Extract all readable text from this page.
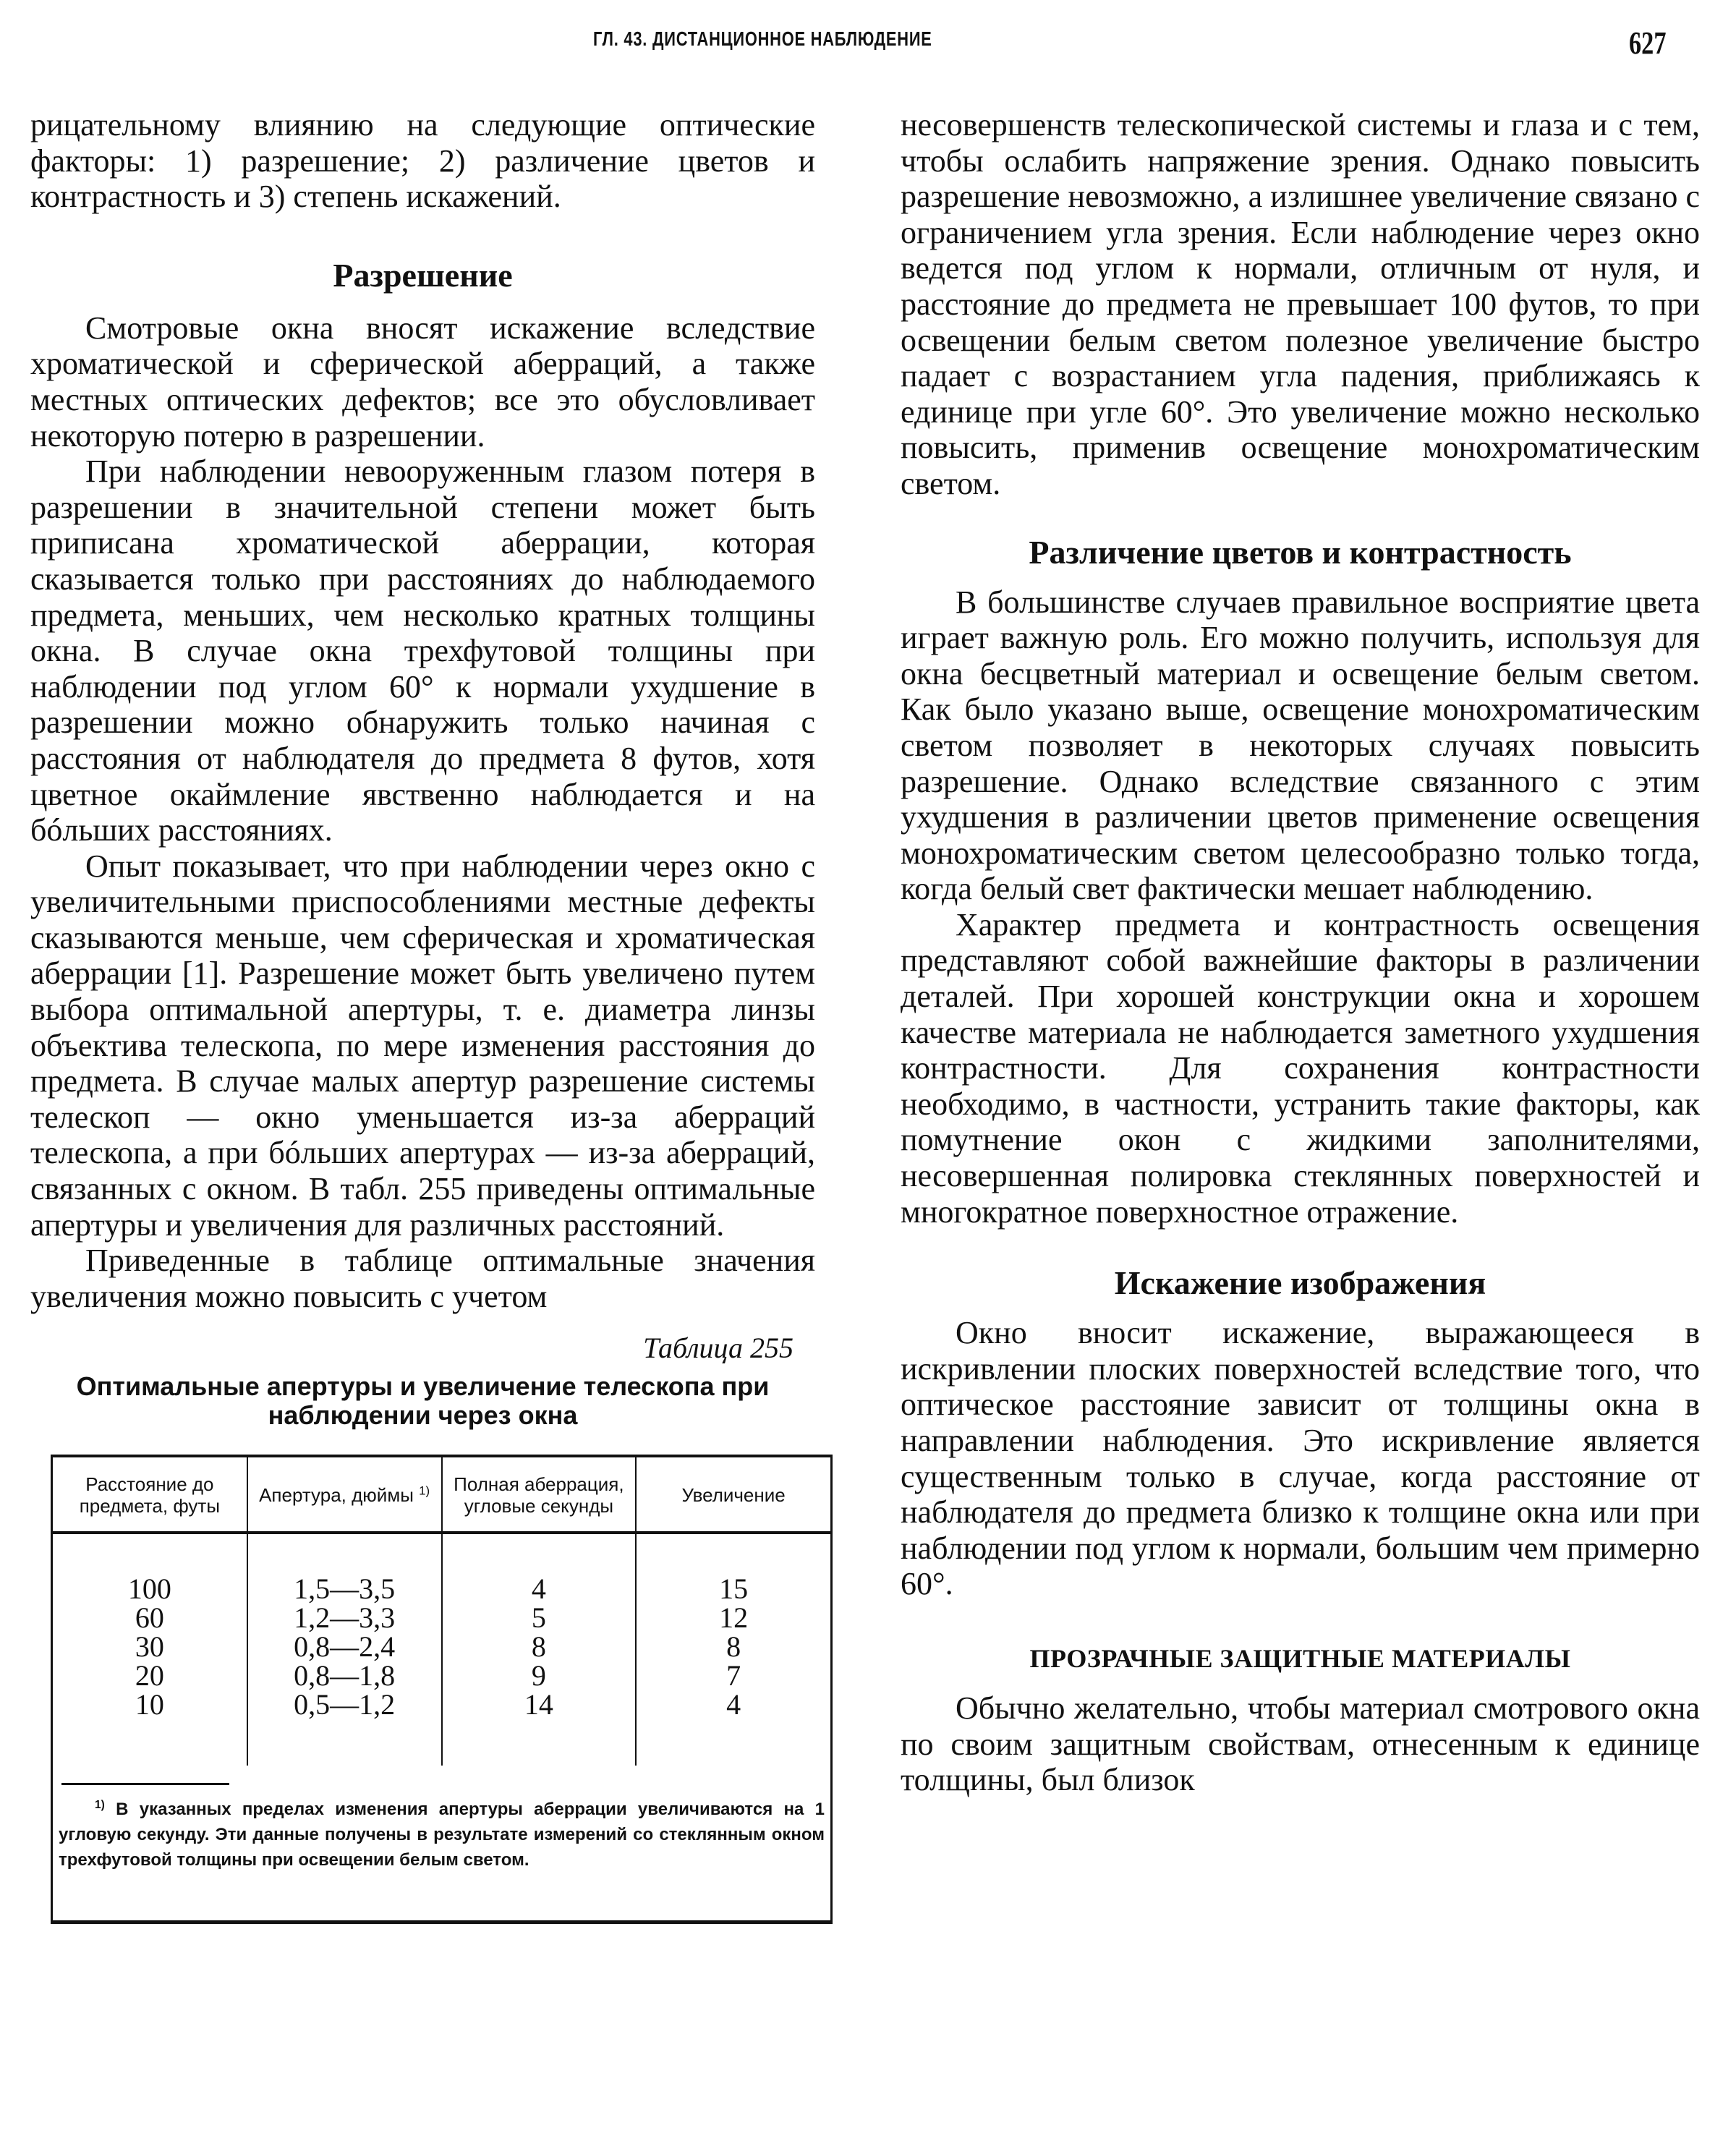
ГЛ. 43. ДИСТАНЦИОННОЕ НАБЛЮДЕНИЕ	627

рицательному влиянию на следующие оптические факторы: 1) разрешение; 2) различение цветов и контрастность и 3) степень искажений.

Разрешение

Смотровые окна вносят искажение вследствие хроматической и сферической аберраций, а также местных оптических дефектов; все это обусловливает некоторую потерю в разрешении.

При наблюдении невооруженным глазом потеря в разрешении в значительной степени может быть приписана хроматической аберрации, которая сказывается только при расстояниях до наблюдаемого предмета, меньших, чем несколько кратных толщины окна. В случае окна трехфутовой толщины при наблюдении под углом 60° к нормали ухудшение в разрешении можно обнаружить только начиная с расстояния от наблюдателя до предмета 8 футов, хотя цветное окаймление явственно наблюдается и на бóльших расстояниях.

Опыт показывает, что при наблюдении через окно с увеличительными приспособлениями местные дефекты сказываются меньше, чем сферическая и хроматическая аберрации [1]. Разрешение может быть увеличено путем выбора оптимальной апертуры, т. е. диаметра линзы объектива телескопа, по мере изменения расстояния до предмета. В случае малых апертур разрешение системы телескоп — окно уменьшается из-за аберраций телескопа, а при бóльших апертурах — из-за аберраций, связанных с окном. В табл. 255 приведены оптимальные апертуры и увеличения для различных расстояний.

Приведенные в таблице оптимальные значения увеличения можно повысить с учетом

Таблица 255

Оптимальные апертуры и увеличение телескопа при наблюдении через окна

Расстояние до предмета, футы	Апертура, дюймы $^{1)}$	Полная аберрация, угловые секунды	Увеличение
100	1,5—3,5	4	15
60	1,2—3,3	5	12
30	0,8—2,4	8	8
20	0,8—1,8	9	7
10	0,5—1,2	14	4

$^{1)}$ В указанных пределах изменения апертуры аберрации увеличиваются на 1 угловую секунду. Эти данные получены в результате измерений со стеклянным окном трехфутовой толщины при освещении белым светом.

несовершенств телескопической системы и глаза и с тем, чтобы ослабить напряжение зрения. Однако повысить разрешение невозможно, а излишнее увеличение связано с ограничением угла зрения. Если наблюдение через окно ведется под углом к нормали, отличным от нуля, и расстояние до предмета не превышает 100 футов, то при освещении белым светом полезное увеличение быстро падает с возрастанием угла падения, приближаясь к единице при угле 60°. Это увеличение можно несколько повысить, применив освещение монохроматическим светом.

Различение цветов и контрастность

В большинстве случаев правильное восприятие цвета играет важную роль. Его можно получить, используя для окна бесцветный материал и освещение белым светом. Как было указано выше, освещение монохроматическим светом позволяет в некоторых случаях повысить разрешение. Однако вследствие связанного с этим ухудшения в различении цветов применение освещения монохроматическим светом целесообразно только тогда, когда белый свет фактически мешает наблюдению.

Характер предмета и контрастность освещения представляют собой важнейшие факторы в различении деталей. При хорошей конструкции окна и хорошем качестве материала не наблюдается заметного ухудшения контрастности. Для сохранения контрастности необходимо, в частности, устранить такие факторы, как помутнение окон с жидкими заполнителями, несовершенная полировка стеклянных поверхностей и многократное поверхностное отражение.

Искажение изображения

Окно вносит искажение, выражающееся в искривлении плоских поверхностей вследствие того, что оптическое расстояние зависит от толщины окна в направлении наблюдения. Это искривление является существенным только в случае, когда расстояние от наблюдателя до предмета близко к толщине окна или при наблюдении под углом к нормали, большим чем примерно 60°.

ПРОЗРАЧНЫЕ ЗАЩИТНЫЕ МАТЕРИАЛЫ

Обычно желательно, чтобы материал смотрового окна по своим защитным свойствам, отнесенным к единице толщины, был близок
